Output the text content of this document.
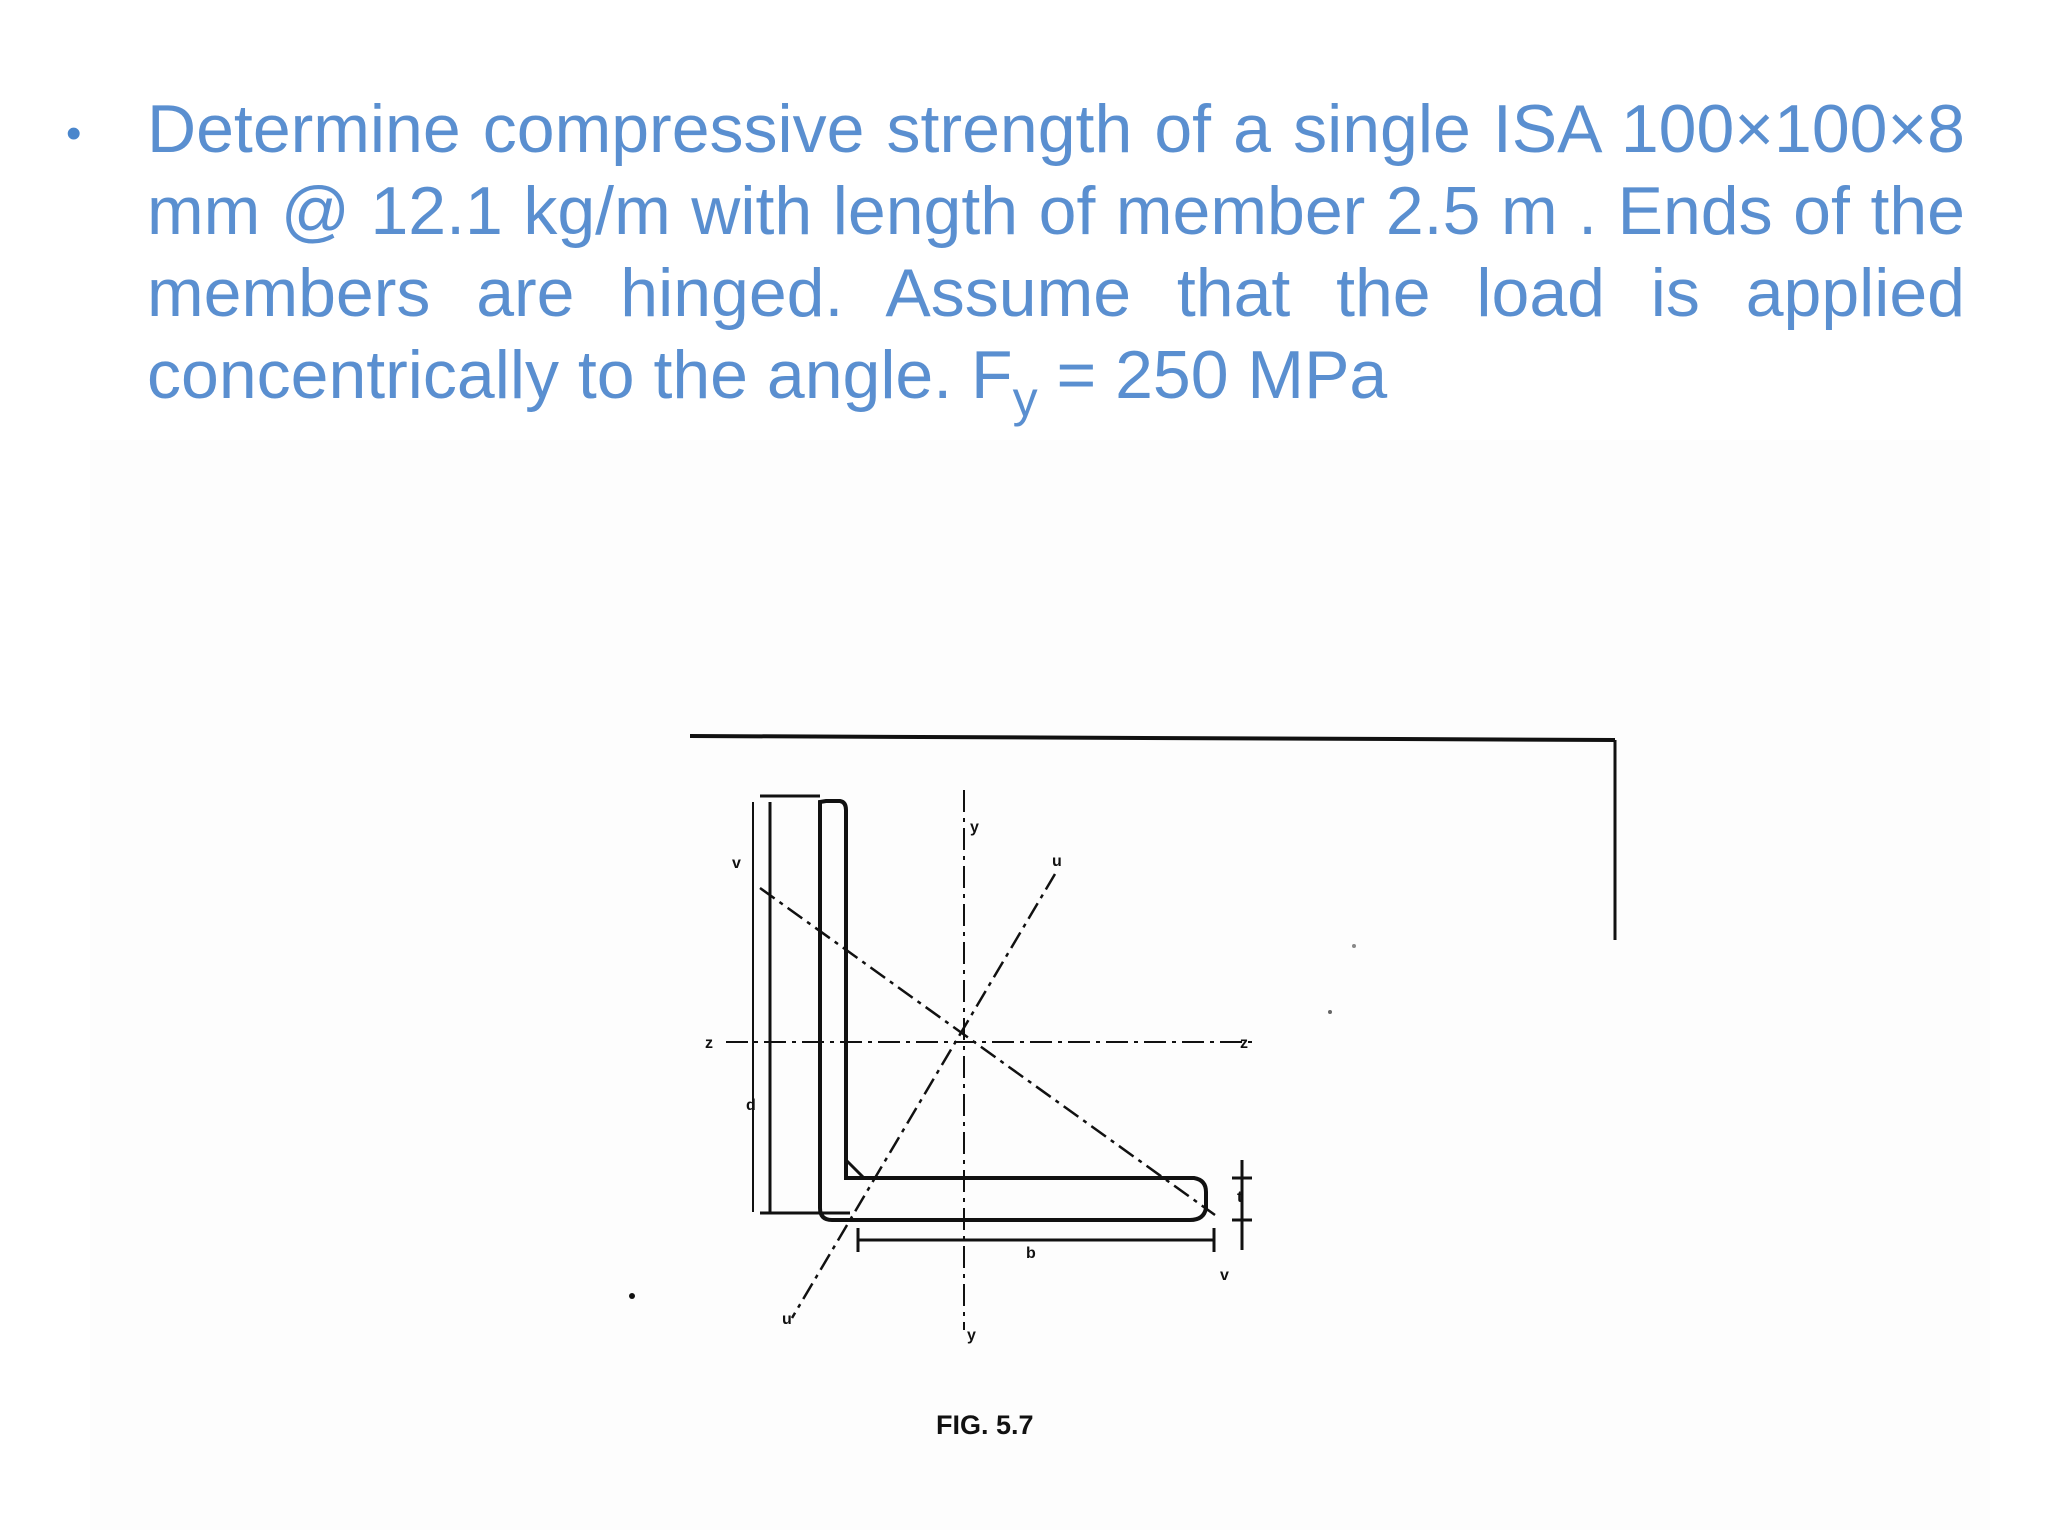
• Determine compressive strength of a single ISA 100×100×8 mm @ 12.1 kg/m with length of member 2.5 m . Ends of the members are hinged. Assume that the load is applied concentrically to the angle. $F_y = 250$ MPa
y
y
z	z
u
u
v
v
d
b
t
FIG. 5.7
